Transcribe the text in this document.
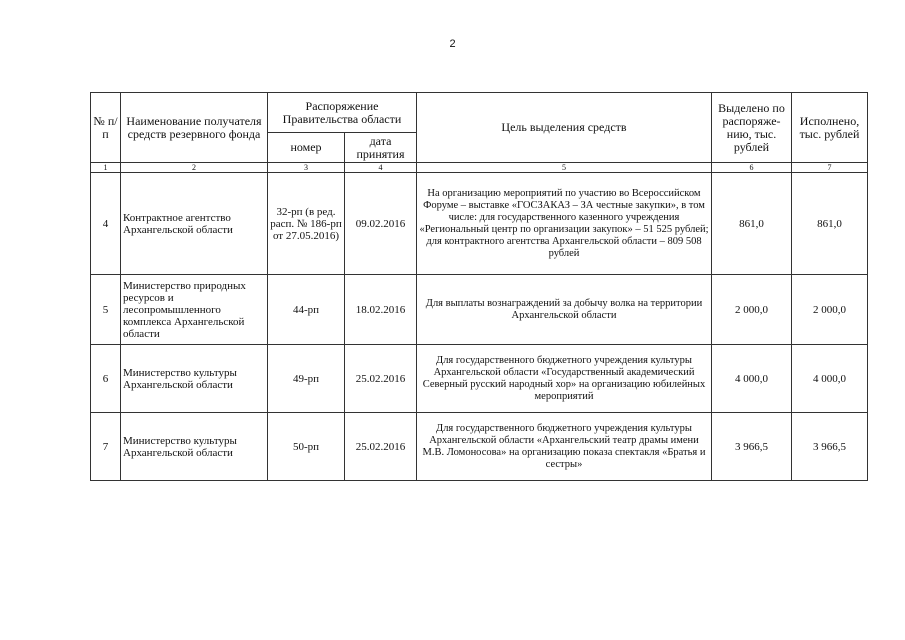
2
№ п/п	Наименование получателя средств резервного фонда	Распоряжение Правительства области		Цель выделения средств	Выделено по распоряже-нию, тыс. рублей	Исполнено, тыс. рублей
		номер	дата принятия			
1	2	3	4	5	6	7
4	Контрактное агентство Архангельской области	32-рп (в ред. расп. № 186-рп от 27.05.2016)	09.02.2016	На организацию мероприятий по участию во Всероссийском Форуме – выставке «ГОСЗАКАЗ – ЗА честные закупки», в том числе: для государственного казенного учреждения «Региональный центр по организации закупок» – 51 525 рублей; для контрактного агентства Архангельской области – 809 508 рублей	861,0	861,0
5	Министерство природных ресурсов и лесопромышленного комплекса Архангельской области	44-рп	18.02.2016	Для выплаты вознаграждений за добычу волка на территории Архангельской области	2 000,0	2 000,0
6	Министерство культуры Архангельской области	49-рп	25.02.2016	Для государственного бюджетного учреждения культуры Архангельской области «Государственный академический Северный русский народный хор» на организацию юбилейных мероприятий	4 000,0	4 000,0
7	Министерство культуры Архангельской области	50-рп	25.02.2016	Для государственного бюджетного учреждения культуры Архангельской области «Архангельский театр драмы имени М.В. Ломоносова» на организацию показа спектакля «Братья и сестры»	3 966,5	3 966,5
